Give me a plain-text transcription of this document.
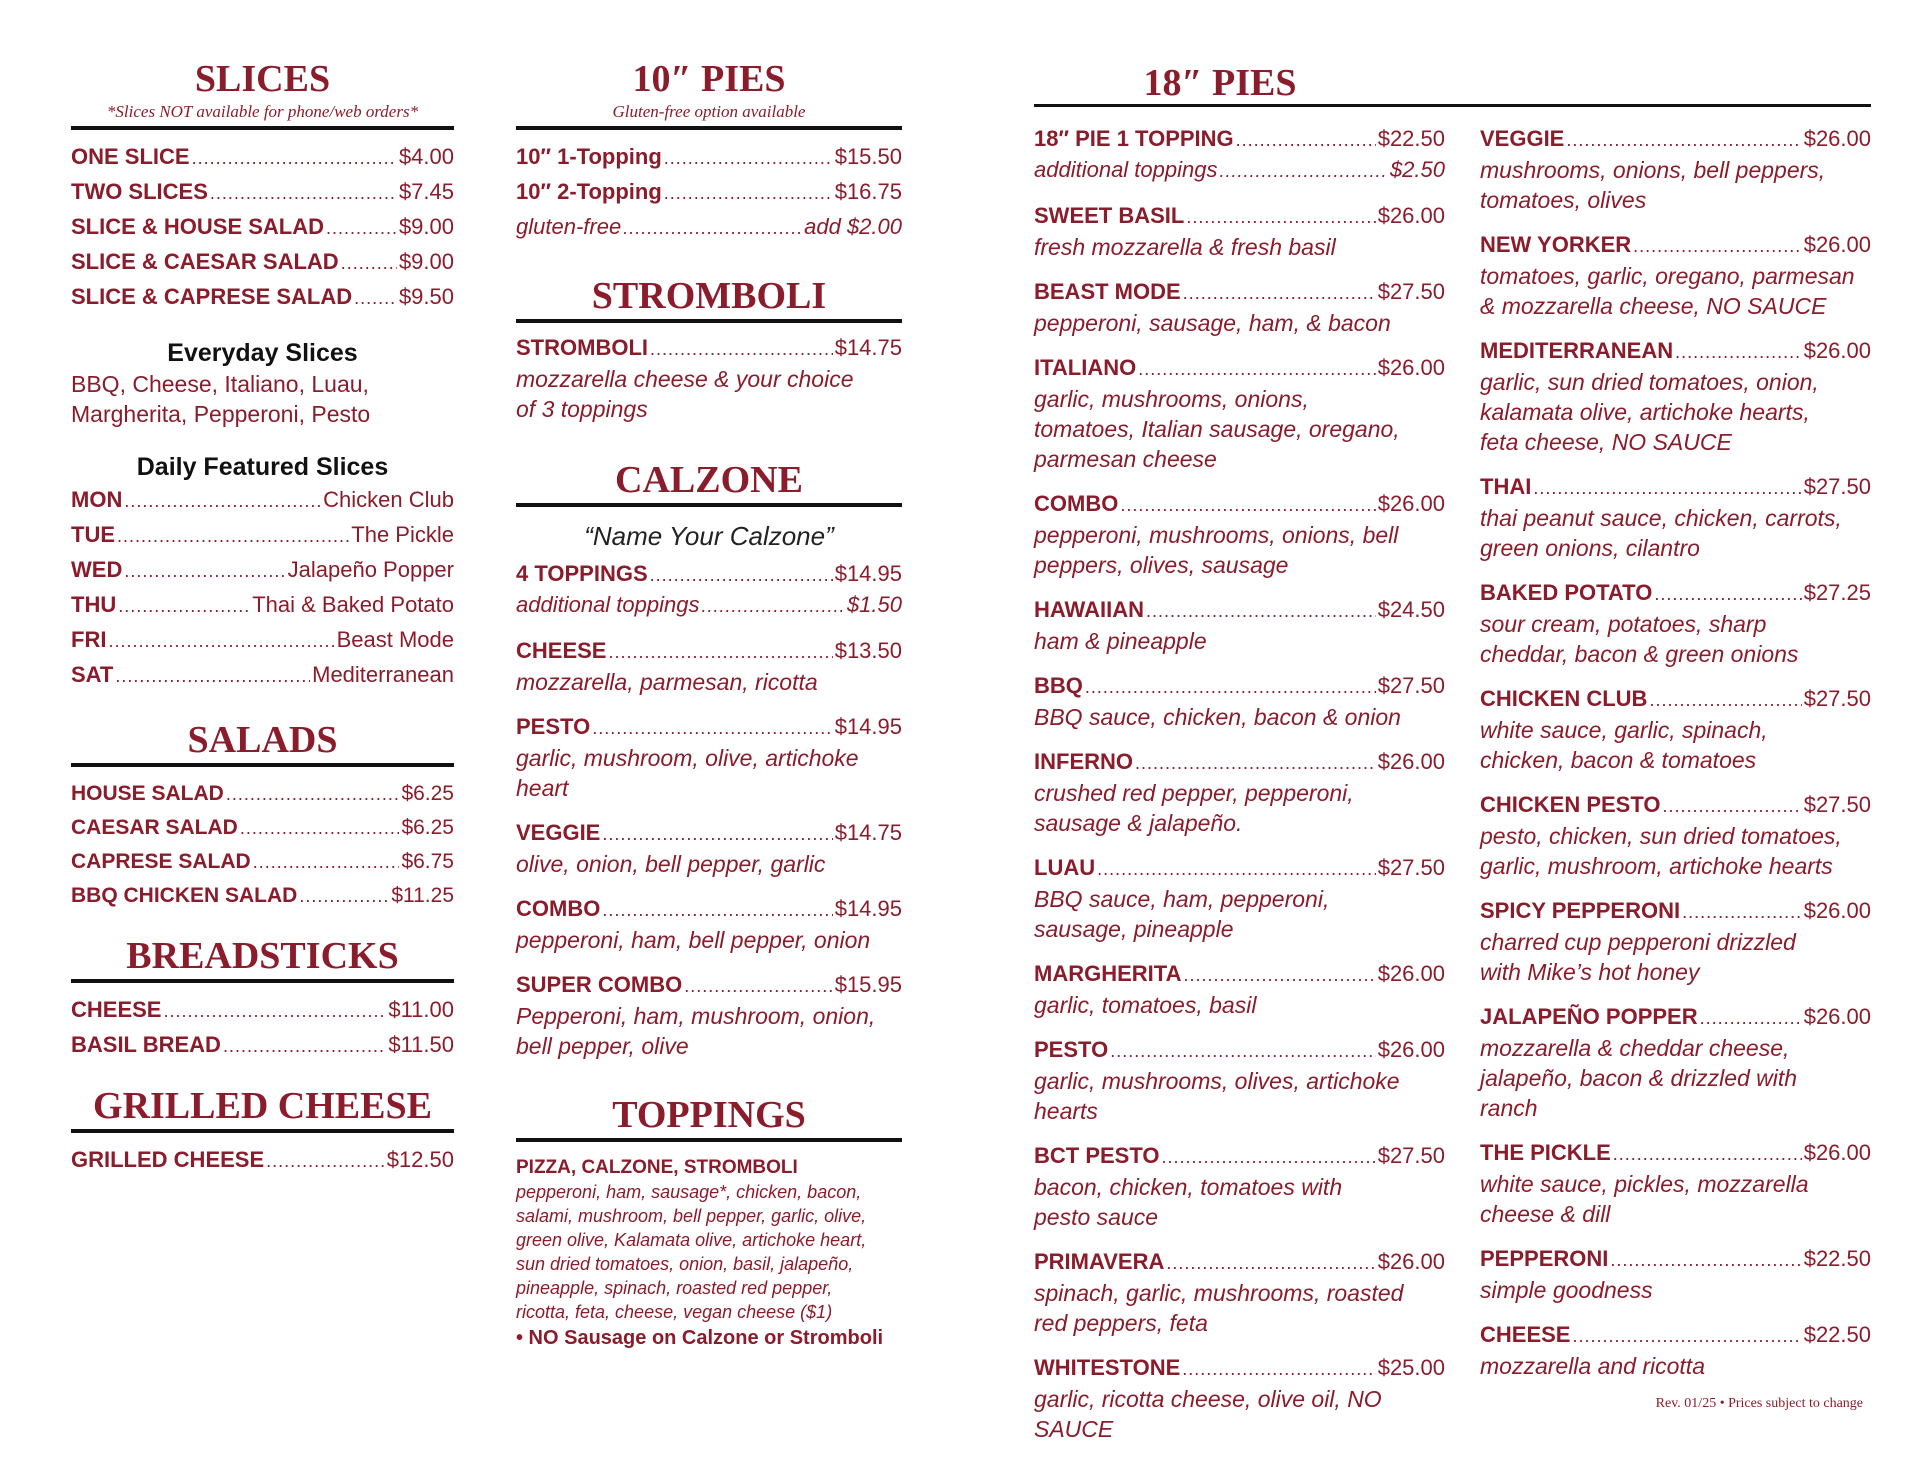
SLICES
*Slices NOT available for phone/web orders*
ONE SLICE .....	$4.00
TWO SLICES .....	$7.45
SLICE & HOUSE SALAD .....	$9.00
SLICE & CAESAR SALAD .....	$9.00
SLICE & CAPRESE SALAD ..... $9.50
Everyday Slices
BBQ, Cheese, Italiano, Luau,
Margherita, Pepperoni, Pesto
Daily Featured Slices
MON .....	Chicken Club
TUE .....	The Pickle
WED .....	Jalapeño Popper
THU .....	Thai & Baked Potato
FRI .....	Beast Mode
SAT .....	Mediterranean
SALADS
HOUSE SALAD .....	$6.25
CAESAR SALAD .....	$6.25
CAPRESE SALAD .....	$6.75
BBQ CHICKEN SALAD .....	$11.25
BREADSTICKS
CHEESE .....	$11.00
BASIL BREAD .....	$11.50
GRILLED CHEESE
GRILLED CHEESE .....	$12.50
10″ PIES
Gluten-free option available
10″ 1-Topping .....	$15.50
10″ 2-Topping .....	$16.75
gluten-free .....	add $2.00
STROMBOLI
STROMBOLI .....	$14.75
mozzarella cheese & your choice
of 3 toppings
CALZONE
“Name Your Calzone”
4 TOPPINGS .....	$14.95
additional toppings .....	$1.50
CHEESE .....	$13.50
mozzarella, parmesan, ricotta
PESTO .....	$14.95
garlic, mushroom, olive, artichoke
heart
VEGGIE .....	$14.75
olive, onion, bell pepper, garlic
COMBO .....	$14.95
pepperoni, ham, bell pepper, onion
SUPER COMBO .....	$15.95
Pepperoni, ham, mushroom, onion,
bell pepper, olive
TOPPINGS
PIZZA, CALZONE, STROMBOLI
pepperoni, ham, sausage*, chicken, bacon,
salami, mushroom, bell pepper, garlic, olive,
green olive, Kalamata olive, artichoke heart,
sun dried tomatoes, onion, basil, jalapeño,
pineapple, spinach, roasted red pepper,
ricotta, feta, cheese, vegan cheese ($1)
• NO Sausage on Calzone or Stromboli
18″ PIES
18″ PIE 1 TOPPING .....	$22.50
additional toppings .....	$2.50
SWEET BASIL .....	$26.00
fresh mozzarella & fresh basil
BEAST MODE .....	$27.50
pepperoni, sausage, ham, & bacon
ITALIANO .....	$26.00
garlic, mushrooms, onions,
tomatoes, Italian sausage, oregano,
parmesan cheese
COMBO .....	$26.00
pepperoni, mushrooms, onions, bell
peppers, olives, sausage
HAWAIIAN .....	$24.50
ham & pineapple
BBQ .....	$27.50
BBQ sauce, chicken, bacon & onion
INFERNO .....	$26.00
crushed red pepper, pepperoni,
sausage & jalapeño.
LUAU .....	$27.50
BBQ sauce, ham, pepperoni,
sausage, pineapple
MARGHERITA .....	$26.00
garlic, tomatoes, basil
PESTO .....	$26.00
garlic, mushrooms, olives, artichoke
hearts
BCT PESTO .....	$27.50
bacon, chicken, tomatoes with
pesto sauce
PRIMAVERA .....	$26.00
spinach, garlic, mushrooms, roasted
red peppers, feta
WHITESTONE .....	$25.00
garlic, ricotta cheese, olive oil, NO
SAUCE
VEGGIE .....	$26.00
mushrooms, onions, bell peppers,
tomatoes, olives
NEW YORKER .....	$26.00
tomatoes, garlic, oregano, parmesan
& mozzarella cheese, NO SAUCE
MEDITERRANEAN .....	$26.00
garlic, sun dried tomatoes, onion,
kalamata olive, artichoke hearts,
feta cheese, NO SAUCE
THAI .....	$27.50
thai peanut sauce, chicken, carrots,
green onions, cilantro
BAKED POTATO .....	$27.25
sour cream, potatoes, sharp
cheddar, bacon & green onions
CHICKEN CLUB .....	$27.50
white sauce, garlic, spinach,
chicken, bacon & tomatoes
CHICKEN PESTO .....	$27.50
pesto, chicken, sun dried tomatoes,
garlic, mushroom, artichoke hearts
SPICY PEPPERONI .....	$26.00
charred cup pepperoni drizzled
with Mike’s hot honey
JALAPEÑO POPPER .....	$26.00
mozzarella & cheddar cheese,
jalapeño, bacon & drizzled with
ranch
THE PICKLE .....	$26.00
white sauce, pickles, mozzarella
cheese & dill
PEPPERONI .....	$22.50
simple goodness
CHEESE .....	$22.50
mozzarella and ricotta
Rev. 01/25 • Prices subject to change
